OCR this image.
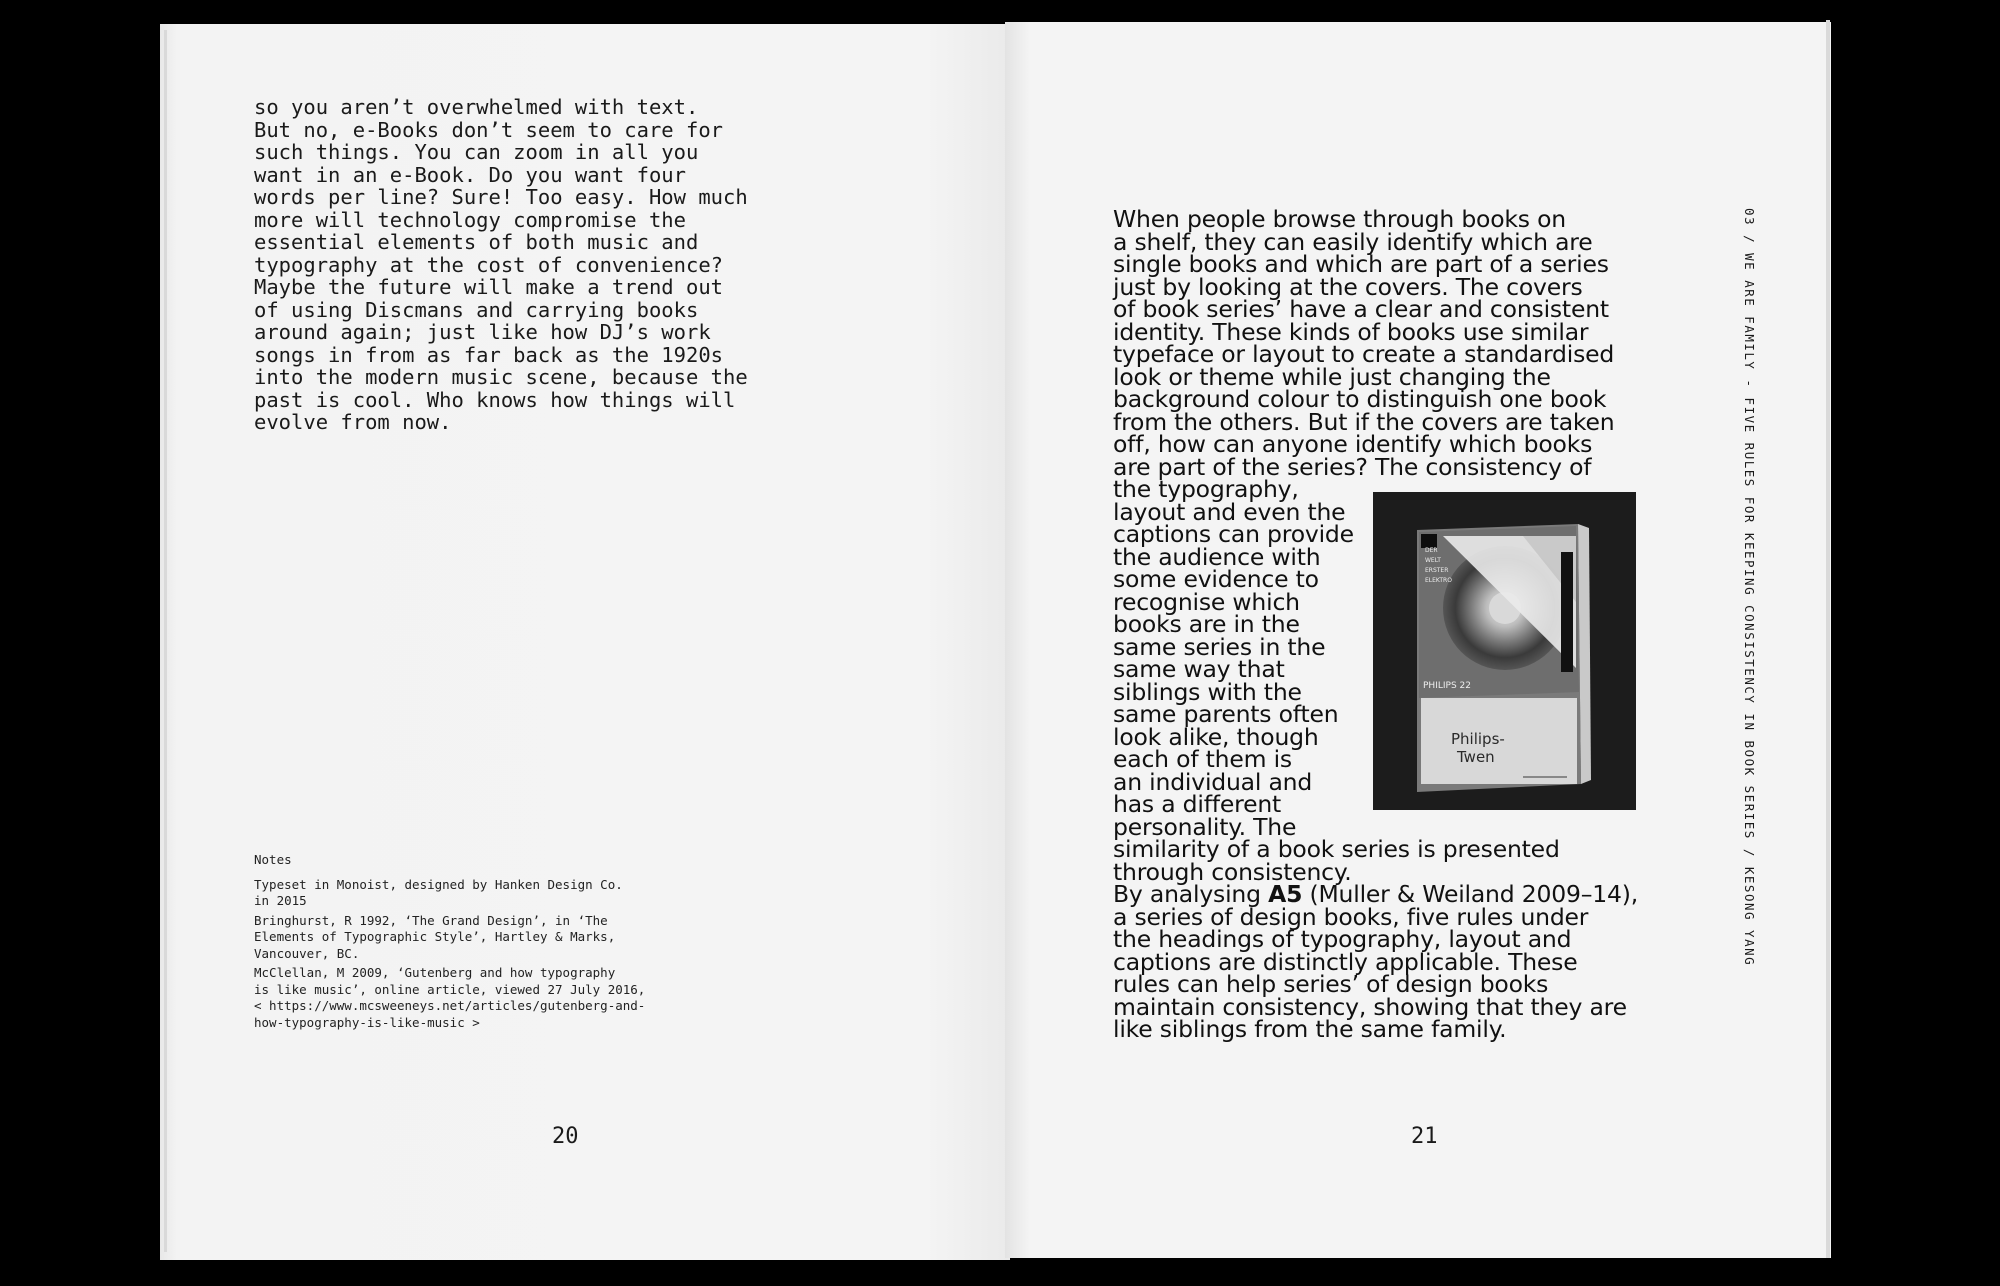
so you aren’t overwhelmed with text.
But no, e-Books don’t seem to care for
such things. You can zoom in all you
want in an e-Book. Do you want four
words per line? Sure! Too easy. How much
more will technology compromise the
essential elements of both music and
typography at the cost of convenience?
Maybe the future will make a trend out
of using Discmans and carrying books
around again; just like how DJ’s work
songs in from as far back as the 1920s
into the modern music scene, because the
past is cool. Who knows how things will
evolve from now.
Notes
Typeset in Monoist, designed by Hanken Design Co.
in 2015
Bringhurst, R 1992, ‘The Grand Design’, in ‘The
Elements of Typographic Style’, Hartley & Marks,
Vancouver, BC.
McClellan, M 2009, ‘Gutenberg and how typography
is like music’, online article, viewed 27 July 2016,
< https://www.mcsweeneys.net/articles/gutenberg-and-
how-typography-is-like-music >
20
When people browse through books on
a shelf, they can easily identify which are
single books and which are part of a series
just by looking at the covers. The covers
of book series’ have a clear and consistent
identity. These kinds of books use similar
typeface or layout to create a standardised
look or theme while just changing the
background colour to distinguish one book
from the others. But if the covers are taken
off, how can anyone identify which books
are part of the series? The consistency of
the typography,
layout and even the
captions can provide
the audience with
some evidence to
recognise which
books are in the
same series in the
same way that
siblings with the
same parents often
look alike, though
each of them is
an individual and
has a different
personality. The
similarity of a book series is presented
through consistency.
By analysing A5 (Muller & Weiland 2009–14),
a series of design books, five rules under
the headings of typography, layout and
captions are distinctly applicable. These
rules can help series’ of design books
maintain consistency, showing that they are
like siblings from the same family.
PHILIPS 22
DER
WELT
ERSTER
ELEKTRO
Philips-
Twen	03 / WE ARE FAMILY - FIVE RULES FOR KEEPING CONSISTENCY IN BOOK SERIES / KESONG YANG
21
